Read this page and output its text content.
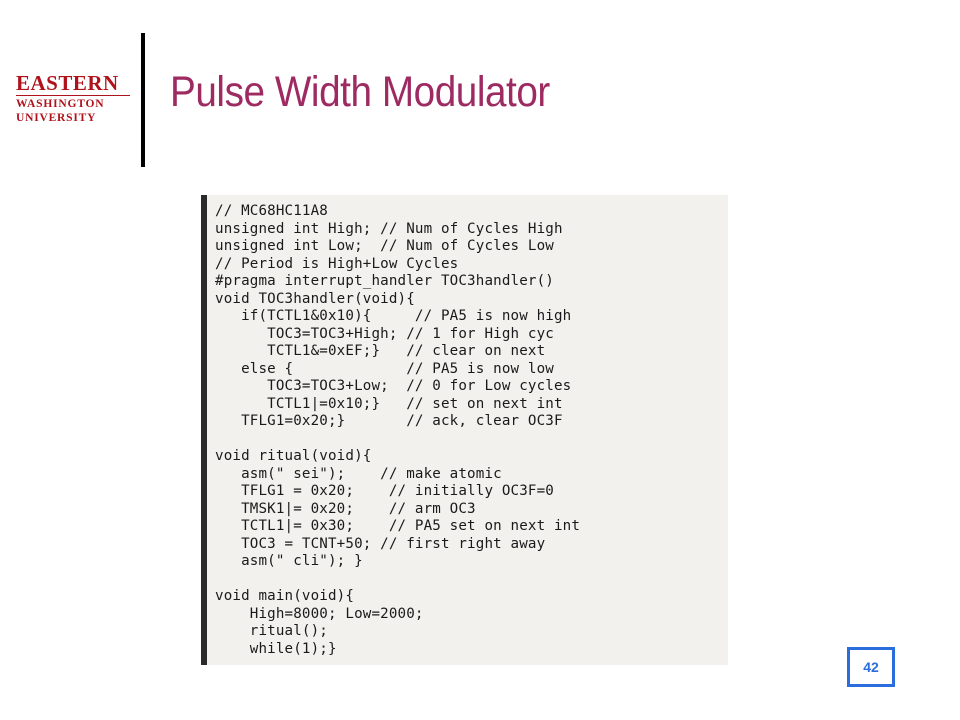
EASTERN
WASHINGTON
UNIVERSITY
Pulse Width Modulator
// MC68HC11A8
unsigned int High; // Num of Cycles High
unsigned int Low;  // Num of Cycles Low
// Period is High+Low Cycles
#pragma interrupt_handler TOC3handler()
void TOC3handler(void){
if(TCTL1&0x10){     // PA5 is now high
TOC3=TOC3+High; // 1 for High cyc
TCTL1&=0xEF;}   // clear on next
else {             // PA5 is now low
TOC3=TOC3+Low;  // 0 for Low cycles
TCTL1|=0x10;}   // set on next int
TFLG1=0x20;}       // ack, clear OC3F
void ritual(void){
asm(" sei");    // make atomic
TFLG1 = 0x20;    // initially OC3F=0
TMSK1|= 0x20;    // arm OC3
TCTL1|= 0x30;    // PA5 set on next int
TOC3 = TCNT+50; // first right away
asm(" cli"); }
void main(void){
High=8000; Low=2000;
ritual();
while(1);}
42
